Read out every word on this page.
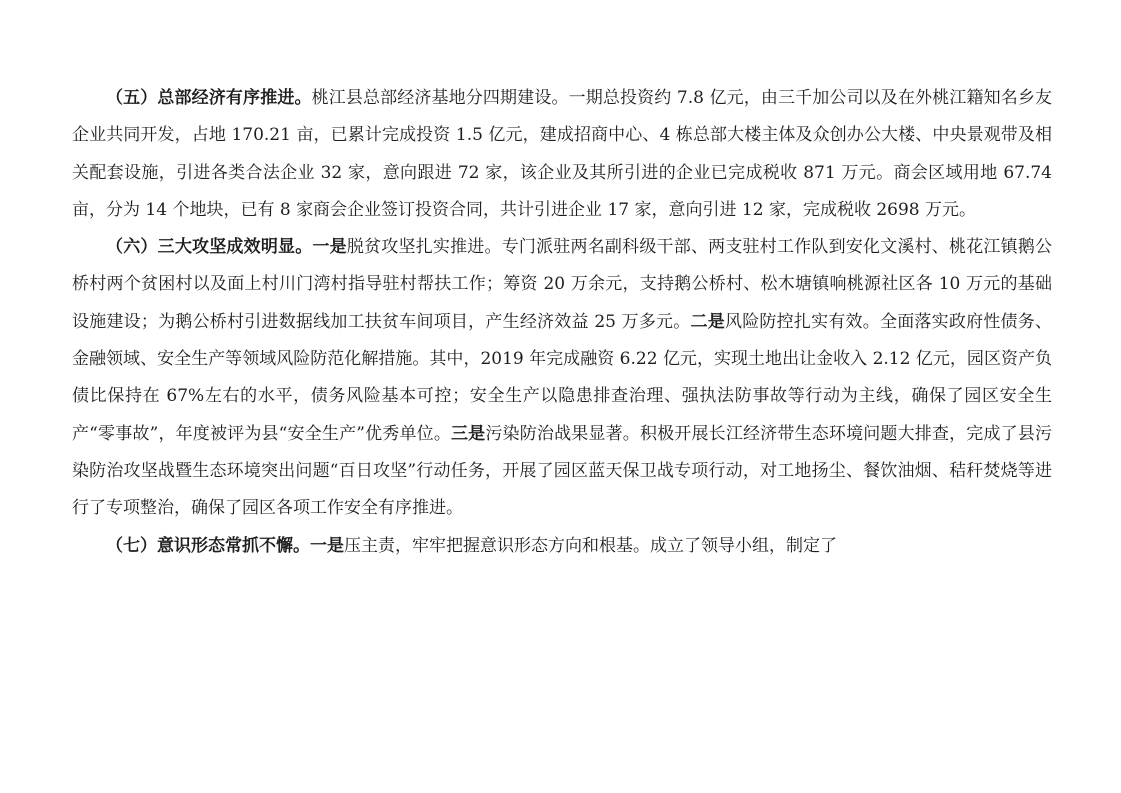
（五）总部经济有序推进。桃江县总部经济基地分四期建设。一期总投资约 7.8 亿元，由三千加公司以及在外桃江籍知名乡友企业共同开发，占地 170.21 亩，已累计完成投资 1.5 亿元，建成招商中心、4 栋总部大楼主体及众创办公大楼、中央景观带及相关配套设施，引进各类合法企业 32 家，意向跟进 72 家，该企业及其所引进的企业已完成税收 871 万元。商会区域用地 67.74 亩，分为 14 个地块，已有 8 家商会企业签订投资合同，共计引进企业 17 家，意向引进 12 家，完成税收 2698 万元。

（六）三大攻坚成效明显。一是脱贫攻坚扎实推进。专门派驻两名副科级干部、两支驻村工作队到安化文溪村、桃花江镇鹅公桥村两个贫困村以及面上村川门湾村指导驻村帮扶工作；筹资 20 万余元，支持鹅公桥村、松木塘镇响桃源社区各 10 万元的基础设施建设；为鹅公桥村引进数据线加工扶贫车间项目，产生经济效益 25 万多元。二是风险防控扎实有效。全面落实政府性债务、金融领域、安全生产等领域风险防范化解措施。其中，2019 年完成融资 6.22 亿元，实现土地出让金收入 2.12 亿元，园区资产负债比保持在 67%左右的水平，债务风险基本可控；安全生产以隐患排查治理、强执法防事故等行动为主线，确保了园区安全生产“零事故”，年度被评为县“安全生产”优秀单位。三是污染防治战果显著。积极开展长江经济带生态环境问题大排查，完成了县污染防治攻坚战暨生态环境突出问题“百日攻坚”行动任务，开展了园区蓝天保卫战专项行动，对工地扬尘、餐饮油烟、秸秆焚烧等进行了专项整治，确保了园区各项工作安全有序推进。

（七）意识形态常抓不懈。一是压主责，牢牢把握意识形态方向和根基。成立了领导小组，制定了
